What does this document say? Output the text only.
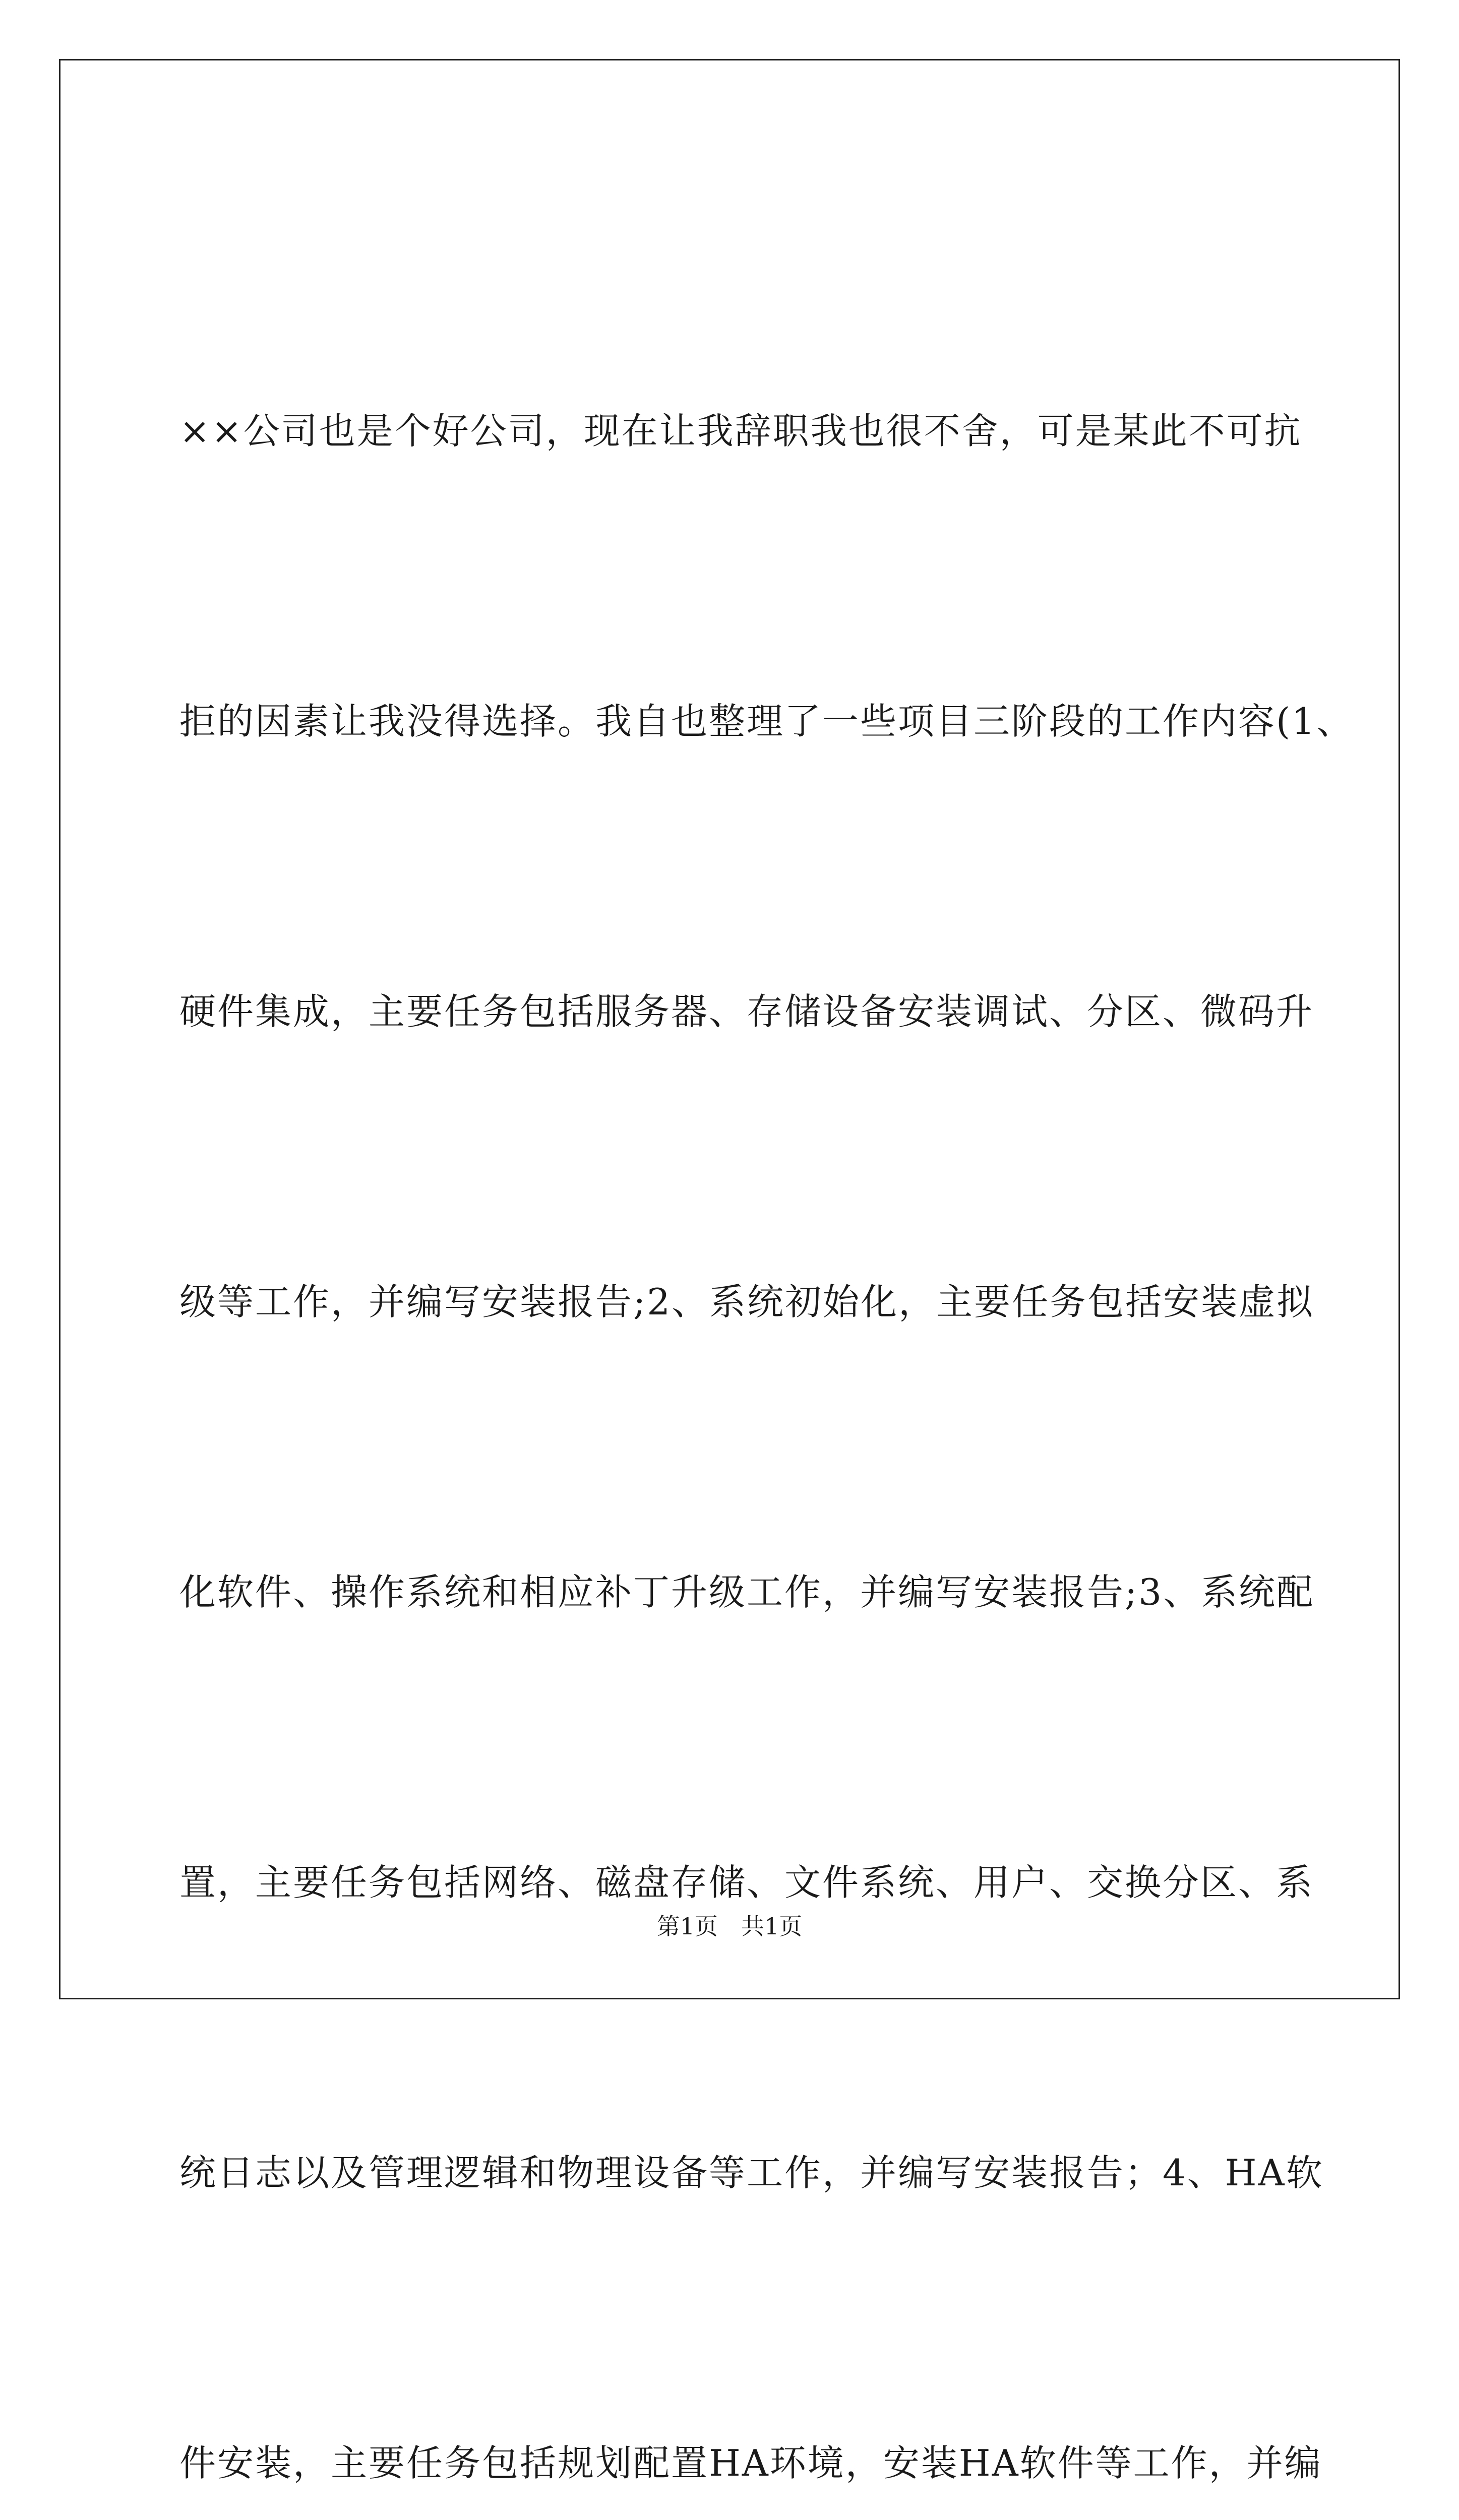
××公司也是个好公司，现在让我辞职我也很不舍，可是某此不可抗

拒的因素让我没得选择。我自也整理了一些项目三阶段的工作内容(1、

硬件集成，主要任务包括服务器、存储设备安装调试、分区、微码升

级等工作，并编写安装报告;2、系统初始化，主要任务包括安装虚拟

化软件、操作系统和相应补丁升级工作，并编写安装报告;3、系统配

置，主要任务包括网络、磁盘存储、文件系统、用户、交换分区、系

统日志以及管理逻辑和物理设备等工作，并编写安装报告；4、HA软

件安装，主要任务包括规划配置HA环境，安装HA软件等工作，并编

第1页　共1页
